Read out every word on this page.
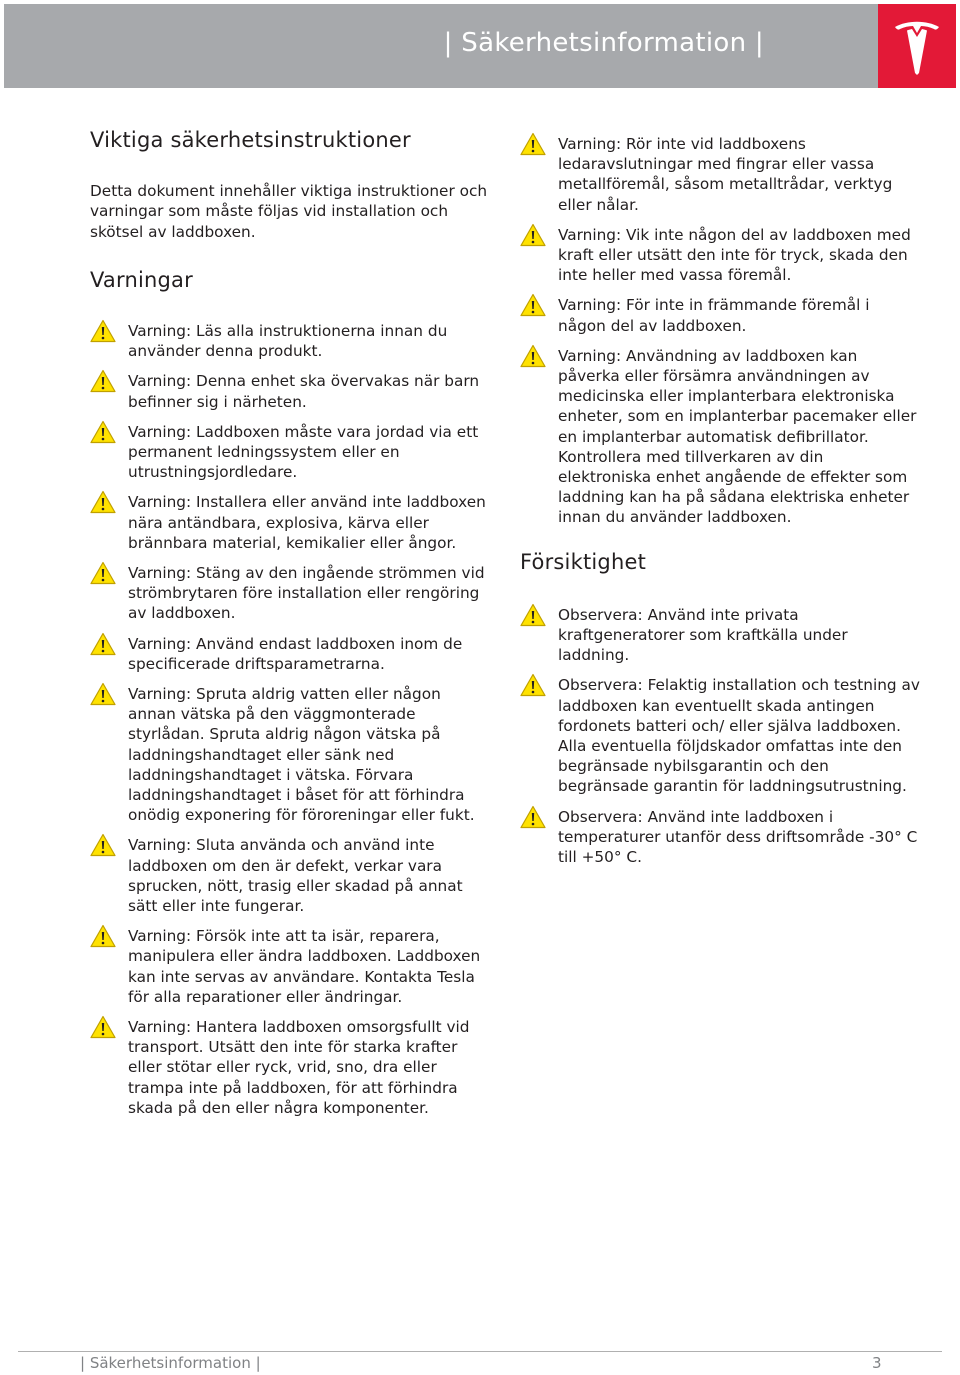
| Säkerhetsinformation |
Viktiga säkerhetsinstruktioner

Detta dokument innehåller viktiga instruktioner och varningar som måste följas vid installation och skötsel av laddboxen.

Varningar

Varning: Läs alla instruktionerna innan du använder denna produkt.

Varning: Denna enhet ska övervakas när barn befinner sig i närheten.

Varning: Laddboxen måste vara jordad via ett permanent ledningssystem eller en utrustningsjordledare.

Varning: Installera eller använd inte laddboxen nära antändbara, explosiva, kärva eller brännbara material, kemikalier eller ångor.

Varning: Stäng av den ingående strömmen vid strömbrytaren före installation eller rengöring av laddboxen.

Varning: Använd endast laddboxen inom de specificerade driftsparametrarna.

Varning: Spruta aldrig vatten eller någon annan vätska på den väggmonterade styrlådan. Spruta aldrig någon vätska på laddningshandtaget eller sänk ned laddningshandtaget i vätska. Förvara laddningshandtaget i båset för att förhindra onödig exponering för föroreningar eller fukt.

Varning: Sluta använda och använd inte laddboxen om den är defekt, verkar vara sprucken, nött, trasig eller skadad på annat sätt eller inte fungerar.

Varning: Försök inte att ta isär, reparera, manipulera eller ändra laddboxen. Laddboxen kan inte servas av användare. Kontakta Tesla för alla reparationer eller ändringar.

Varning: Hantera laddboxen omsorgsfullt vid transport. Utsätt den inte för starka krafter eller stötar eller ryck, vrid, sno, dra eller trampa inte på laddboxen, för att förhindra skada på den eller några komponenter.

Varning: Rör inte vid laddboxens ledaravslutningar med fingrar eller vassa metallföremål, såsom metalltrådar, verktyg eller nålar.

Varning: Vik inte någon del av laddboxen med kraft eller utsätt den inte för tryck, skada den inte heller med vassa föremål.

Varning: För inte in främmande föremål i någon del av laddboxen.

Varning: Användning av laddboxen kan påverka eller försämra användningen av medicinska eller implanterbara elektroniska enheter, som en implanterbar pacemaker eller en implanterbar automatisk defibrillator. Kontrollera med tillverkaren av din elektroniska enhet angående de effekter som laddning kan ha på sådana elektriska enheter innan du använder laddboxen.

Försiktighet

Observera: Använd inte privata kraftgeneratorer som kraftkälla under laddning.

Observera: Felaktig installation och testning av laddboxen kan eventuellt skada antingen fordonets batteri och/ eller själva laddboxen. Alla eventuella följdskador omfattas inte den begränsade nybilsgarantin och den begränsade garantin för laddningsutrustning.

Observera: Använd inte laddboxen i temperaturer utanför dess driftsområde -30° C till +50° C.

| Säkerhetsinformation |	3
